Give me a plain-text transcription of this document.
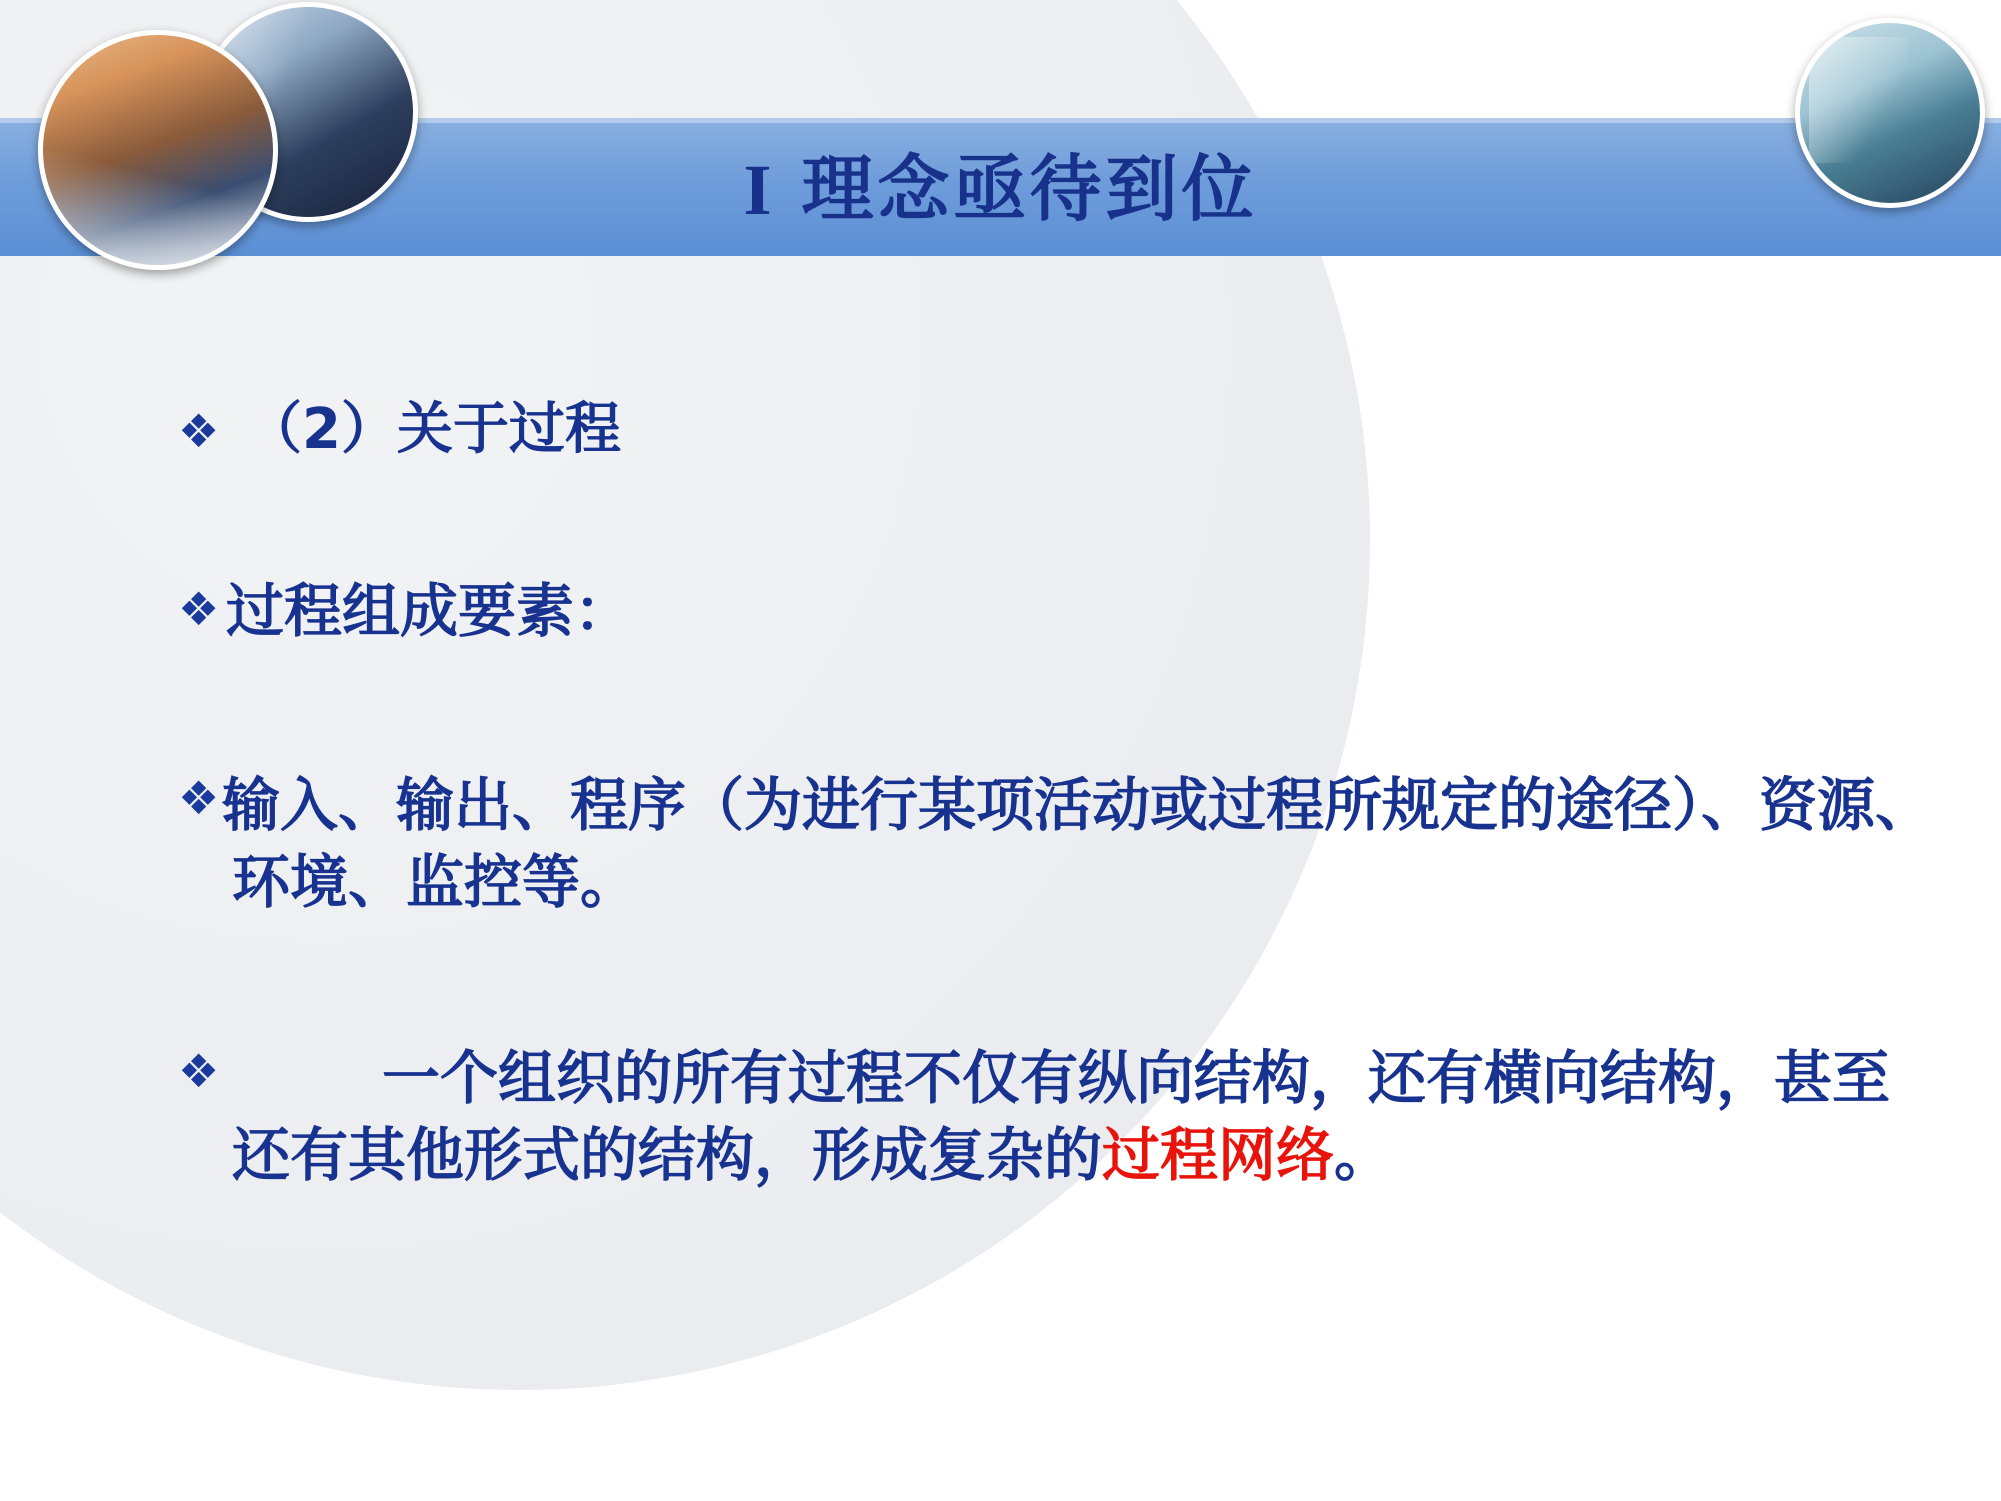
I 理念亟待到位
❖ （2）关于过程
❖ 过程组成要素：
❖ 输入、输出、程序（为进行某项活动或过程所规定的途径）、资源、环境、监控等。
❖	一个组织的所有过程不仅有纵向结构，还有横向结构，甚至还有其他形式的结构，形成复杂的过程网络。
